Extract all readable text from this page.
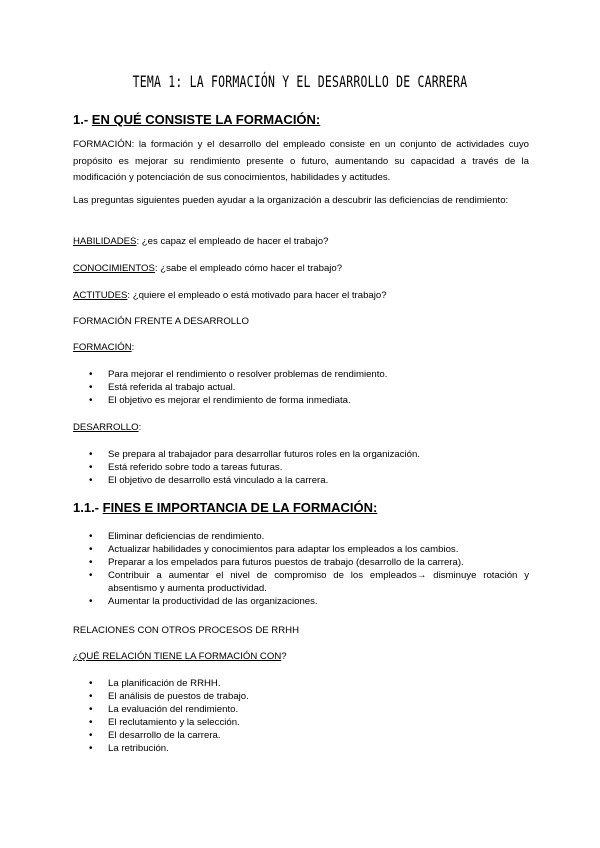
TEMA 1: LA FORMACIÓN Y EL DESARROLLO DE CARRERA
1.- EN QUÉ CONSISTE LA FORMACIÓN:
FORMACIÓN: la formación y el desarrollo del empleado consiste en un conjunto de actividades cuyo propósito es mejorar su rendimiento presente o futuro, aumentando su capacidad a través de la modificación y potenciación de sus conocimientos, habilidades y actitudes.
Las preguntas siguientes pueden ayudar a la organización a descubrir las deficiencias de rendimiento:
HABILIDADES: ¿es capaz el empleado de hacer el trabajo?
CONOCIMIENTOS: ¿sabe el empleado cómo hacer el trabajo?
ACTITUDES: ¿quiere el empleado o está motivado para hacer el trabajo?
FORMACIÓN FRENTE A DESARROLLO
FORMACIÓN:
• Para mejorar el rendimiento o resolver problemas de rendimiento.
• Está referida al trabajo actual.
• El objetivo es mejorar el rendimiento de forma inmediata.
DESARROLLO:
• Se prepara al trabajador para desarrollar futuros roles en la organización.
• Está referido sobre todo a tareas futuras.
• El objetivo de desarrollo está vinculado a la carrera.
1.1.- FINES E IMPORTANCIA DE LA FORMACIÓN:
• Eliminar deficiencias de rendimiento.
• Actualizar habilidades y conocimientos para adaptar los empleados a los cambios.
• Preparar a los empelados para futuros puestos de trabajo (desarrollo de la carrera).
• Contribuir a aumentar el nivel de compromiso de los empleados→ disminuye rotación y absentismo y aumenta productividad.
• Aumentar la productividad de las organizaciones.
RELACIONES CON OTROS PROCESOS DE RRHH
¿QUÉ RELACIÓN TIENE LA FORMACIÓN CON?
• La planificación de RRHH.
• El análisis de puestos de trabajo.
• La evaluación del rendimiento.
• El reclutamiento y la selección.
• El desarrollo de la carrera.
• La retribución.
